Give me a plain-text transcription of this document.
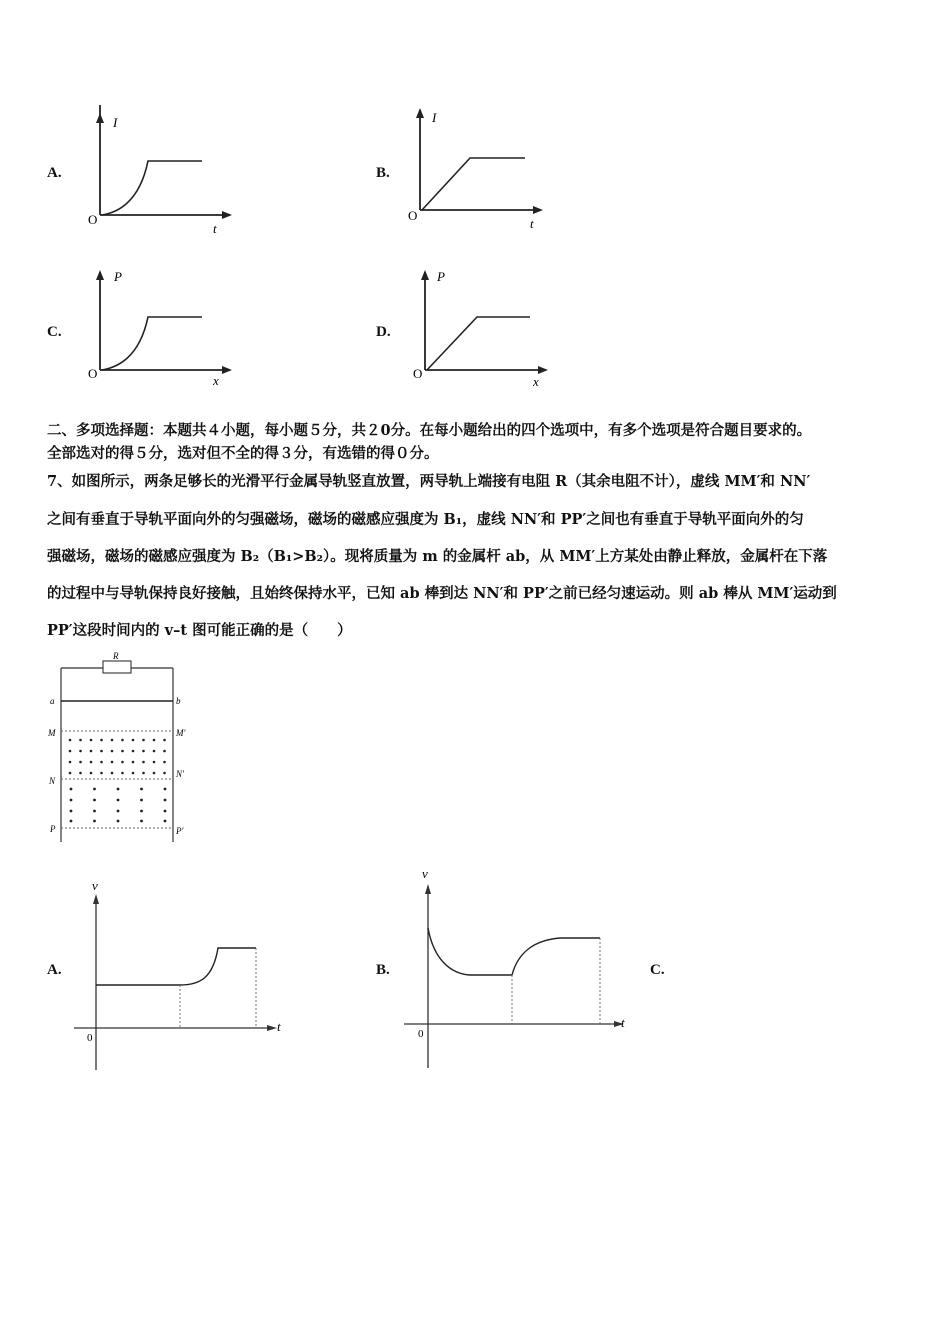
A.
I
t
O
B.
I
t
O
C.
P
x
O
D.
P
x
O
二、多项选择题：本题共４小题，每小题５分，共２0分。在每小题给出的四个选项中，有多个选项是符合题目要求的。
全部选对的得５分，选对但不全的得３分，有选错的得０分。
7、如图所示，两条足够长的光滑平行金属导轨竖直放置，两导轨上端接有电阻 R（其余电阻不计），虚线 MM′和 NN′
之间有垂直于导轨平面向外的匀强磁场，磁场的磁感应强度为 B₁，虚线 NN′和 PP′之间也有垂直于导轨平面向外的匀
强磁场，磁场的磁感应强度为 B₂（B₁>B₂）。现将质量为 m 的金属杆 ab，从 MM′上方某处由静止释放，金属杆在下落
的过程中与导轨保持良好接触，且始终保持水平，已知 ab 棒到达 NN′和 PP′之前已经匀速运动。则 ab 棒从 MM′运动到
PP′这段时间内的 v–t 图可能正确的是（　　）
R
a
M
N
P
b
M′
N′
P′
A.
v
t
0
B.
v
t
0
C.
